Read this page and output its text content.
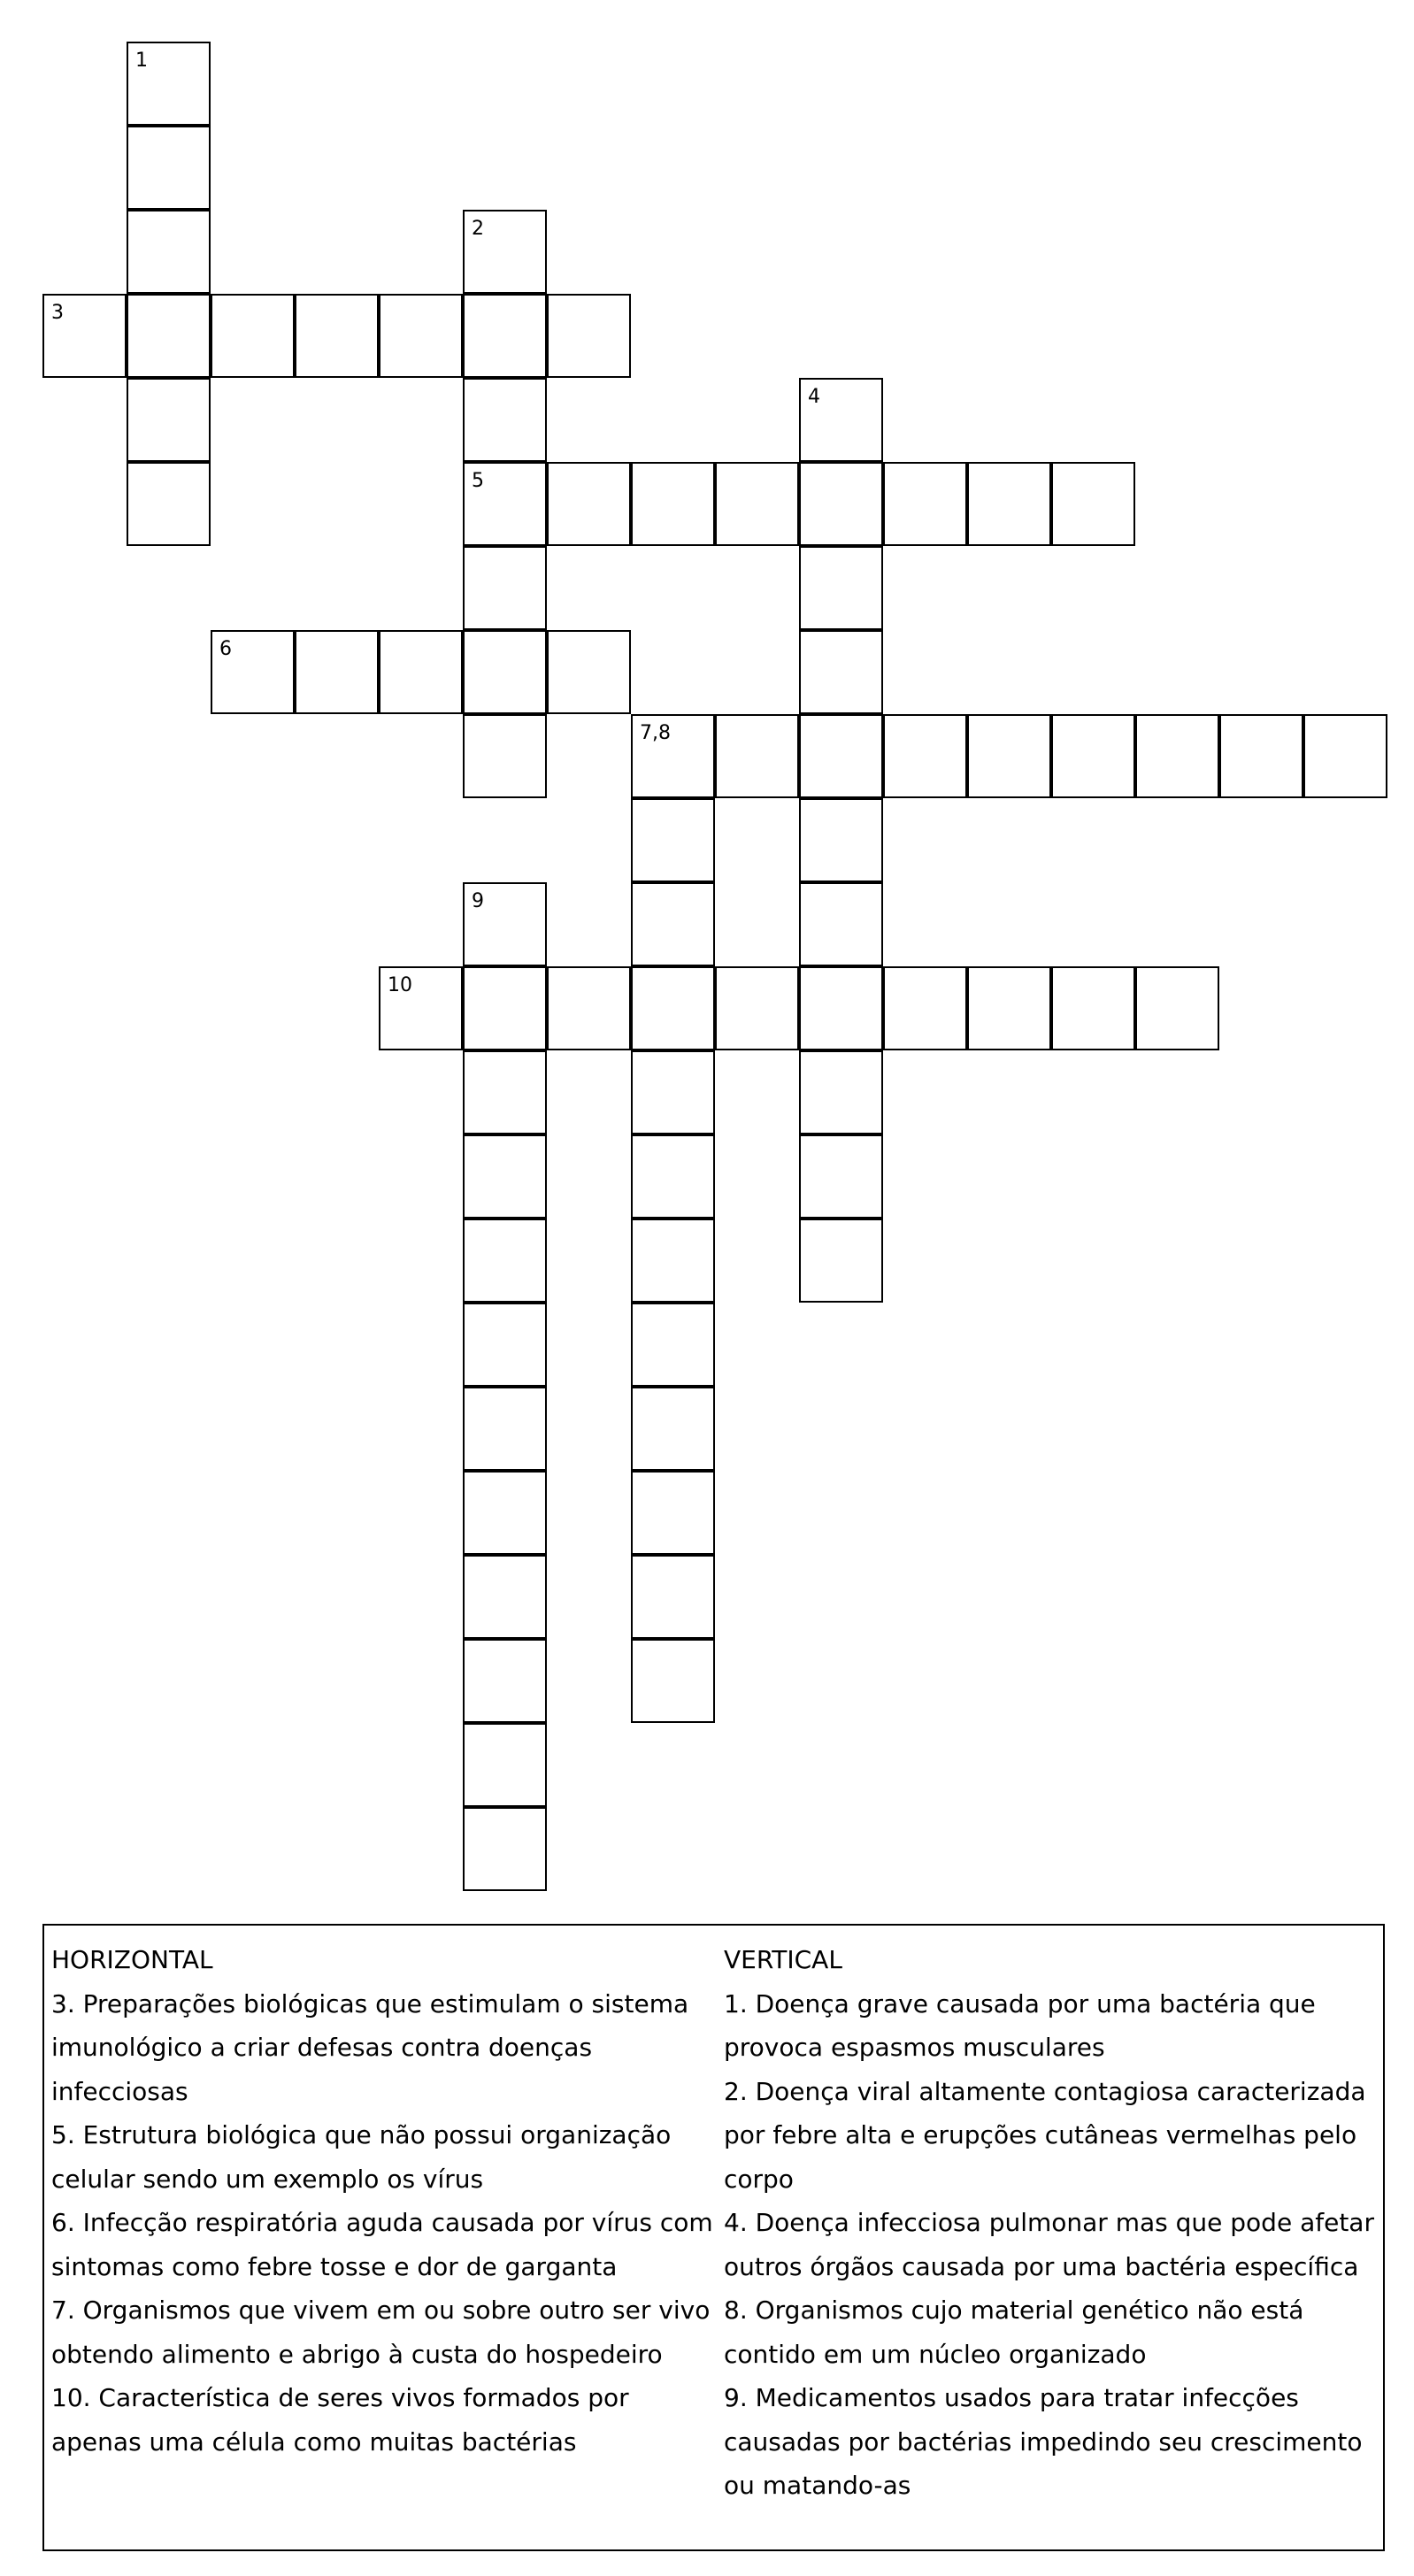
1
2
5
3
4
6
7,8
9
10
HORIZONTAL
3. Preparações biológicas que estimulam o sistema imunológico a criar defesas contra doenças infecciosas
5. Estrutura biológica que não possui organização celular sendo um exemplo os vírus
6. Infecção respiratória aguda causada por vírus com sintomas como febre tosse e dor de garganta
7. Organismos que vivem em ou sobre outro ser vivo obtendo alimento e abrigo à custa do hospedeiro
10. Característica de seres vivos formados por apenas uma célula como muitas bactérias
VERTICAL
1. Doença grave causada por uma bactéria que provoca espasmos musculares
2. Doença viral altamente contagiosa caracterizada por febre alta e erupções cutâneas vermelhas pelo corpo
4. Doença infecciosa pulmonar mas que pode afetar outros órgãos causada por uma bactéria específica
8. Organismos cujo material genético não está contido em um núcleo organizado
9. Medicamentos usados para tratar infecções causadas por bactérias impedindo seu crescimento ou matando-as
